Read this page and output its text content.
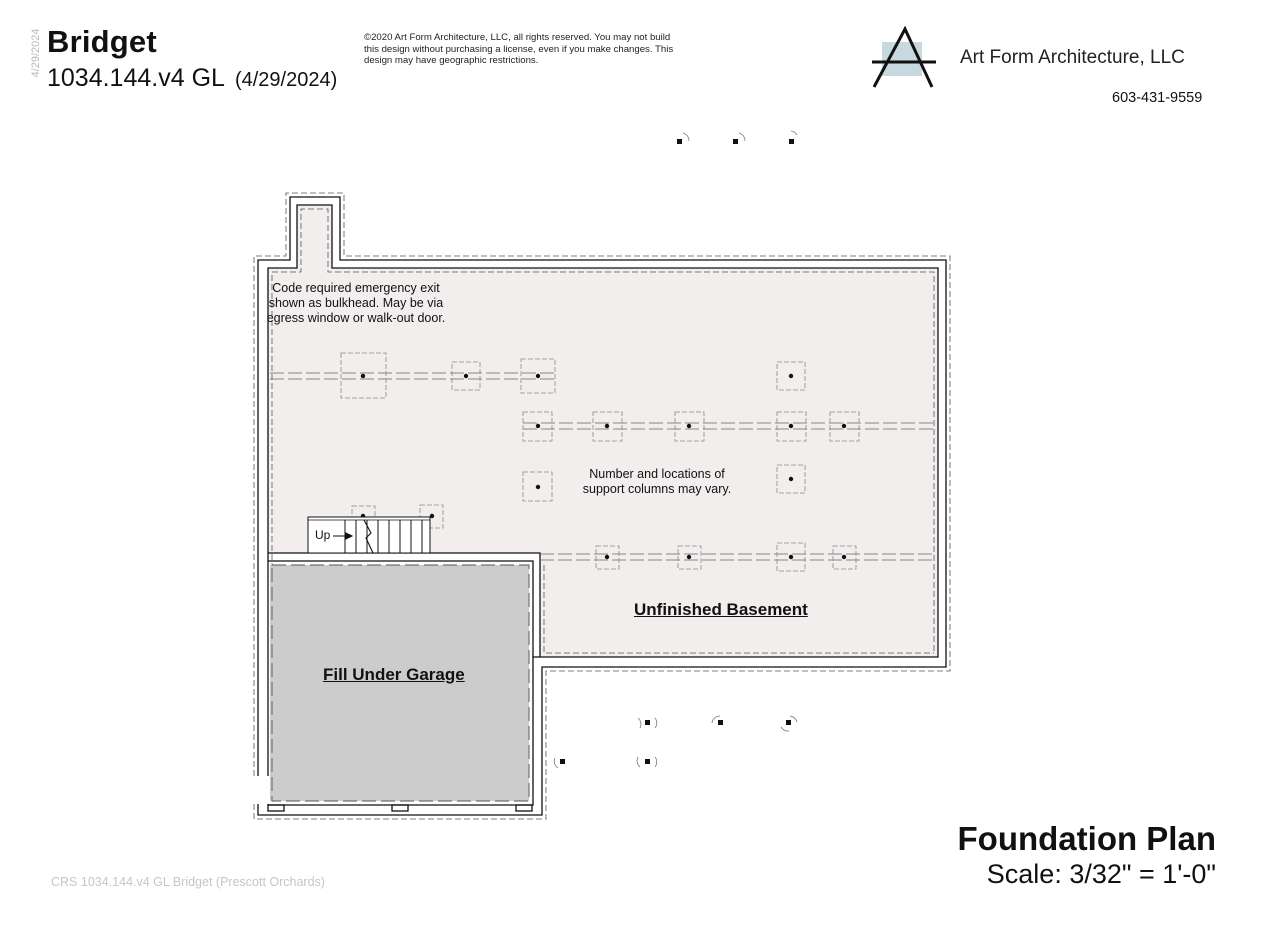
4/29/2024 Bridget
1034.144.v4 GL (4/29/2024)
©2020 Art Form Architecture, LLC, all rights reserved. You may not build this design without purchasing a license, even if you make changes. This design may have geographic restrictions.	Art Form Architecture, LLC
603-431-9559
Code required emergency exit shown as bulkhead. May be via egress window or walk-out door.
Number and locations of support columns may vary.
Up
Unfinished Basement
Fill Under Garage
Foundation Plan
Scale: 3/32" = 1'-0"
CRS 1034.144.v4 GL Bridget (Prescott Orchards)
